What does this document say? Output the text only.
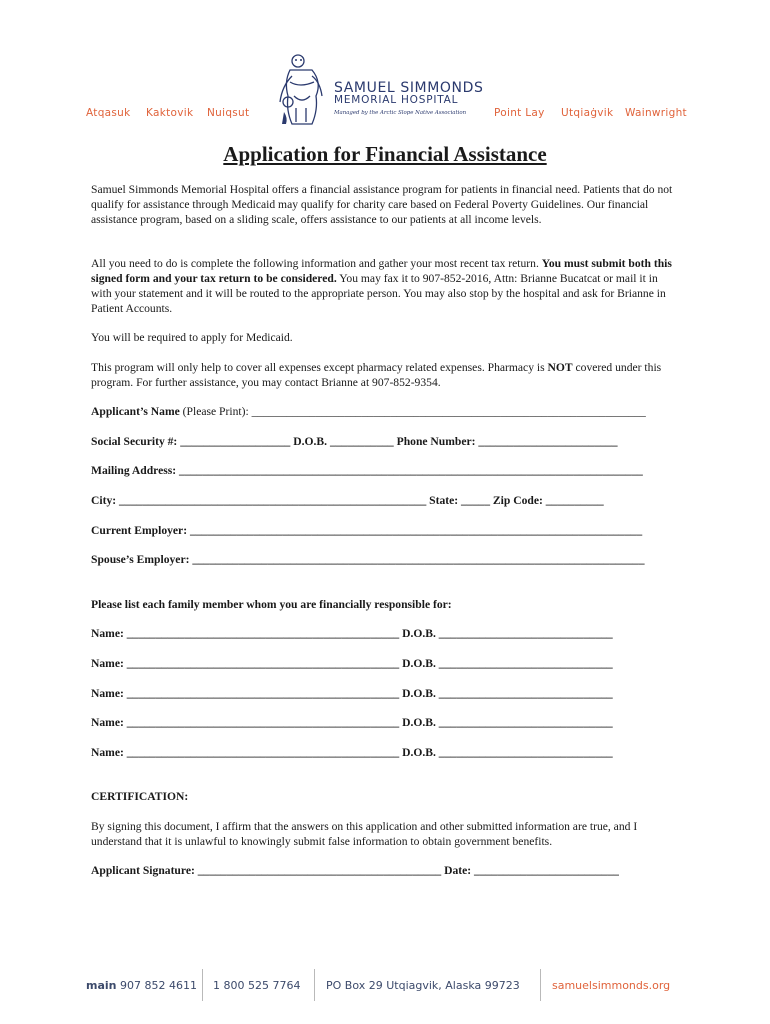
Atqasuk Kaktovik Nuiqsut
SAMUEL SIMMONDS
MEMORIAL HOSPITAL
Managed by the Arctic Slope Native Association	Point Lay Utqiaġvik Wainwright
Application for Financial Assistance
Samuel Simmonds Memorial Hospital offers a financial assistance program for patients in financial need. Patients that do not qualify for assistance through Medicaid may qualify for charity care based on Federal Poverty Guidelines. Our financial assistance program, based on a sliding scale, offers assistance to our patients at all income levels.
All you need to do is complete the following information and gather your most recent tax return. You must submit both this signed form and your tax return to be considered. You may fax it to 907-852-2016, Attn: Brianne Bucatcat or mail it in with your statement and it will be routed to the appropriate person. You may also stop by the hospital and ask for Brianne in Patient Accounts.
You will be required to apply for Medicaid.
This program will only help to cover all expenses except pharmacy related expenses. Pharmacy is NOT covered under this program. For further assistance, you may contact Brianne at 907-852-9354.
Applicant’s Name (Please Print): ____________________________________________________________________
Social Security #: ___________________ D.O.B. ___________ Phone Number: ________________________
Mailing Address: ________________________________________________________________________________
City: _____________________________________________________ State: _____ Zip Code: __________
Current Employer: ______________________________________________________________________________
Spouse’s Employer: ______________________________________________________________________________
Please list each family member whom you are financially responsible for:
Name: _______________________________________________ D.O.B. ______________________________
Name: _______________________________________________ D.O.B. ______________________________
Name: _______________________________________________ D.O.B. ______________________________
Name: _______________________________________________ D.O.B. ______________________________
Name: _______________________________________________ D.O.B. ______________________________
CERTIFICATION:
By signing this document, I affirm that the answers on this application and other submitted information are true, and I understand that it is unlawful to knowingly submit false information to obtain government benefits.
Applicant Signature: __________________________________________ Date: _________________________
main 907 852 4611 1 800 525 7764 PO Box 29 Utqiagvik, Alaska 99723	samuelsimmonds.org
